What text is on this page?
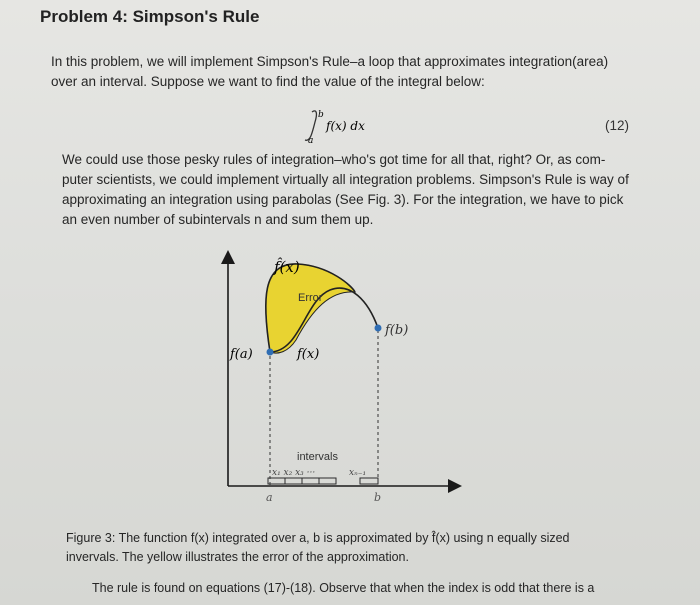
Problem 4: Simpson's Rule
In this problem, we will implement Simpson's Rule–a loop that approximates integration(area)
over an interval. Suppose we want to find the value of the integral below:
b
a
f(x) dx	(12)
We could use those pesky rules of integration–who's got time for all that, right? Or, as com-
puter scientists, we could implement virtually all integration problems. Simpson's Rule is way of
approximating an integration using parabolas (See Fig. 3). For the integration, we have to pick
an even number of subintervals n and sum them up.
f̂(x)
Error
f(a)	f(x)
f(b)
intervals
x₁ x₂ x₃ ···	xₙ₋₁
a	b
Figure 3: The function f(x) integrated over a, b is approximated by f̂(x) using n equally sized
invervals. The yellow illustrates the error of the approximation.
The rule is found on equations (17)-(18). Observe that when the index is odd that there is a
